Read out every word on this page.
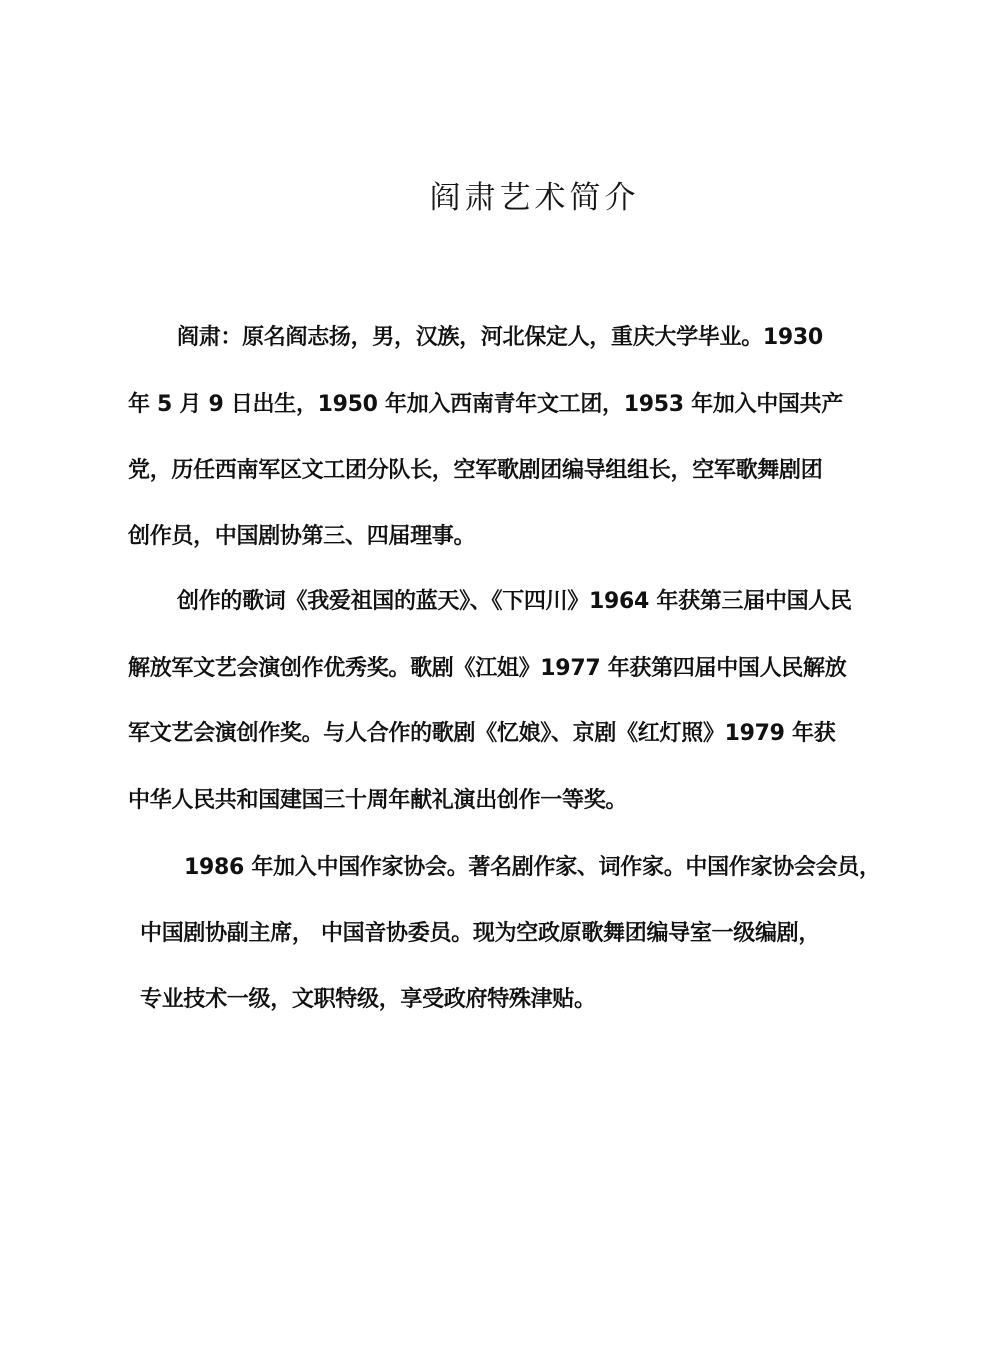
阎肃艺术简介
阎肃：原名阎志扬，男，汉族，河北保定人，重庆大学毕业。1930
年 5 月 9 日出生，1950 年加入西南青年文工团，1953 年加入中国共产
党，历任西南军区文工团分队长，空军歌剧团编导组组长，空军歌舞剧团
创作员，中国剧协第三、四届理事。
创作的歌词《我爱祖国的蓝天》、《下四川》1964 年获第三届中国人民
解放军文艺会演创作优秀奖。歌剧《江姐》1977 年获第四届中国人民解放
军文艺会演创作奖。与人合作的歌剧《忆娘》、京剧《红灯照》1979 年获
中华人民共和国建国三十周年献礼演出创作一等奖。
1986 年加入中国作家协会。著名剧作家、词作家。中国作家协会会员，
中国剧协副主席， 中国音协委员。现为空政原歌舞团编导室一级编剧，
专业技术一级，文职特级，享受政府特殊津贴。
